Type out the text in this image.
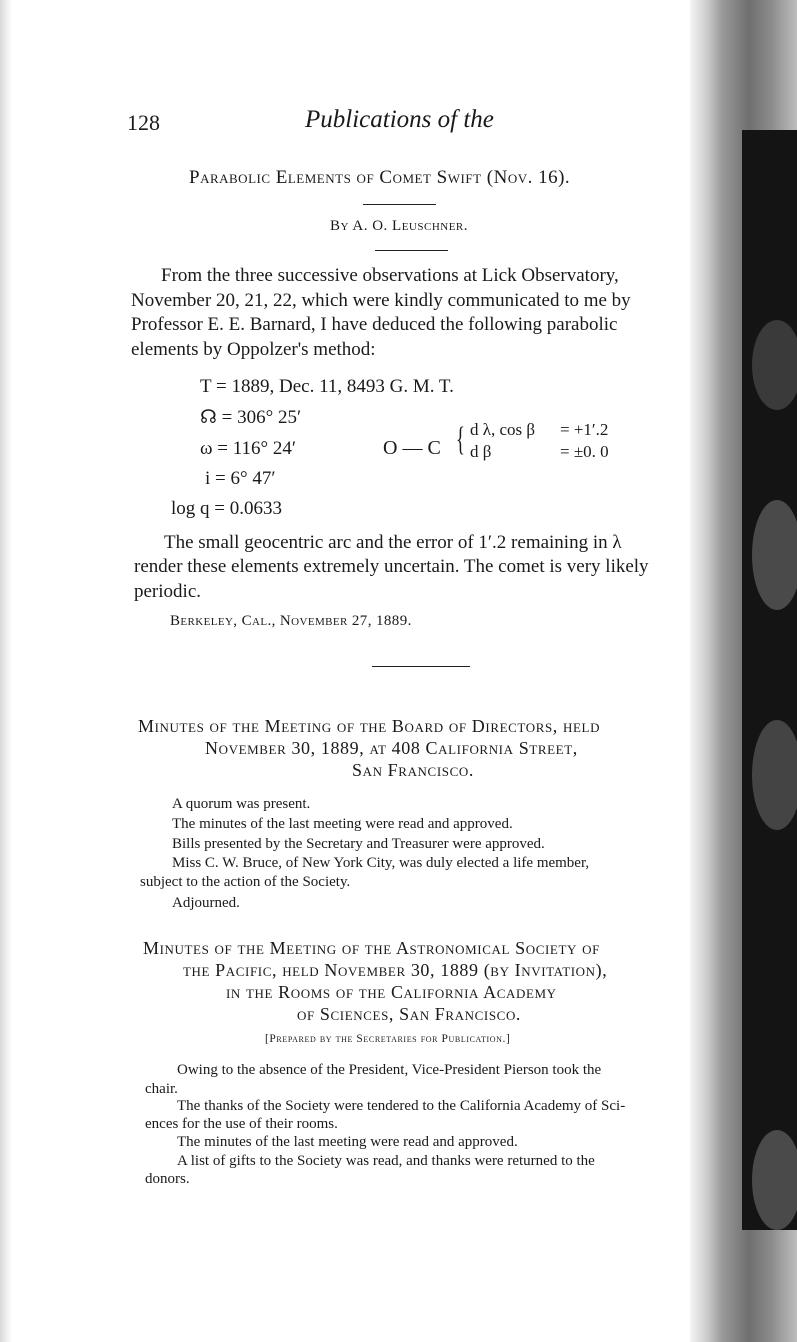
128	Publications of the
Parabolic Elements of Comet Swift (Nov. 16).
By A. O. Leuschner.
From the three successive observations at Lick Observatory,
November 20, 21, 22, which were kindly communicated to me by
Professor E. E. Barnard, I have deduced the following parabolic
elements by Oppolzer's method:
T = 1889, Dec. 11, 8493 G. M. T.
☊ = 306° 25′
ω = 116° 24′
i = 6° 47′
log q = 0.0633
O — C { d λ, cos β = +1′.2
d β	= ±0. 0
The small geocentric arc and the error of 1′.2 remaining in λ
render these elements extremely uncertain. The comet is very likely
periodic.
Berkeley, Cal., November 27, 1889.
Minutes of the Meeting of the Board of Directors, held
November 30, 1889, at 408 California Street,
San Francisco.
A quorum was present.
The minutes of the last meeting were read and approved.
Bills presented by the Secretary and Treasurer were approved.
Miss C. W. Bruce, of New York City, was duly elected a life member,
subject to the action of the Society.
Adjourned.
Minutes of the Meeting of the Astronomical Society of
the Pacific, held November 30, 1889 (by Invitation),
in the Rooms of the California Academy
of Sciences, San Francisco.
[Prepared by the Secretaries for Publication.]
Owing to the absence of the President, Vice-President Pierson took the
chair.
The thanks of the Society were tendered to the California Academy of Sci-
ences for the use of their rooms.
The minutes of the last meeting were read and approved.
A list of gifts to the Society was read, and thanks were returned to the
donors.
